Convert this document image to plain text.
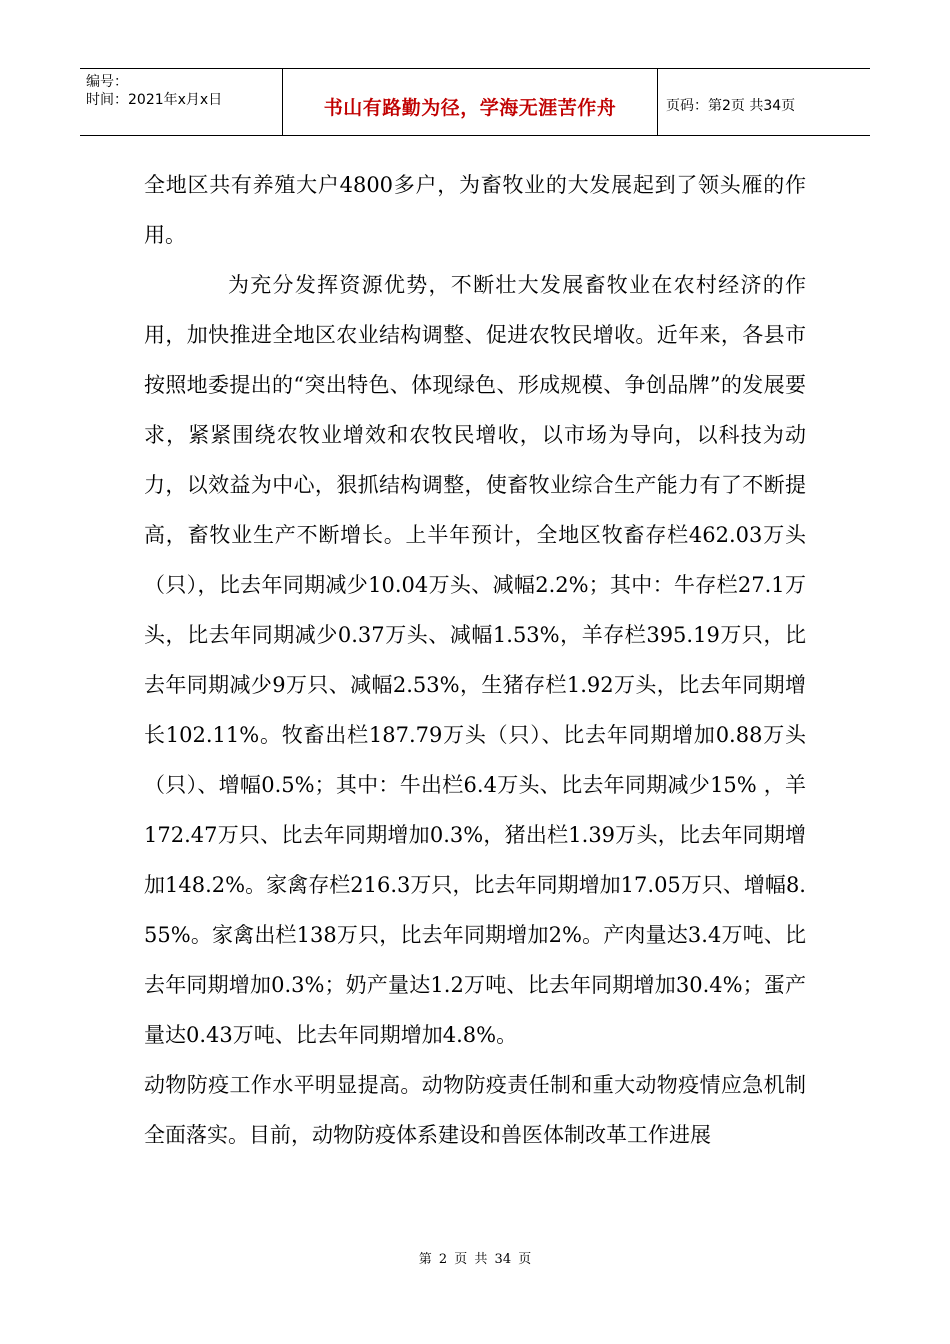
编号：
时间：2021年x月x日	书山有路勤为径，学海无涯苦作舟	页码：第2页 共34页

全地区共有养殖大户4800多户，为畜牧业的大发展起到了领头雁的作用。

为充分发挥资源优势，不断壮大发展畜牧业在农村经济的作用，加快推进全地区农业结构调整、促进农牧民增收。近年来，各县市按照地委提出的“突出特色、体现绿色、形成规模、争创品牌”的发展要求，紧紧围绕农牧业增效和农牧民增收，以市场为导向，以科技为动力，以效益为中心，狠抓结构调整，使畜牧业综合生产能力有了不断提高，畜牧业生产不断增长。上半年预计，全地区牧畜存栏462.03万头（只），比去年同期减少10.04万头、减幅2.2%；其中：牛存栏27.1万头，比去年同期减少0.37万头、减幅1.53%，羊存栏395.19万只，比去年同期减少9万只、减幅2.53%，生猪存栏1.92万头，比去年同期增长102.11%。牧畜出栏187.79万头（只）、比去年同期增加0.88万头（只）、增幅0.5%；其中：牛出栏6.4万头、比去年同期减少15% ，羊172.47万只、比去年同期增加0.3%，猪出栏1.39万头，比去年同期增加148.2%。家禽存栏216.3万只，比去年同期增加17.05万只、增幅8.55%。家禽出栏138万只，比去年同期增加2%。产肉量达3.4万吨、比去年同期增加0.3%；奶产量达1.2万吨、比去年同期增加30.4%；蛋产量达0.43万吨、比去年同期增加4.8%。

动物防疫工作水平明显提高。动物防疫责任制和重大动物疫情应急机制全面落实。目前，动物防疫体系建设和兽医体制改革工作进展

第 2 页 共 34 页
